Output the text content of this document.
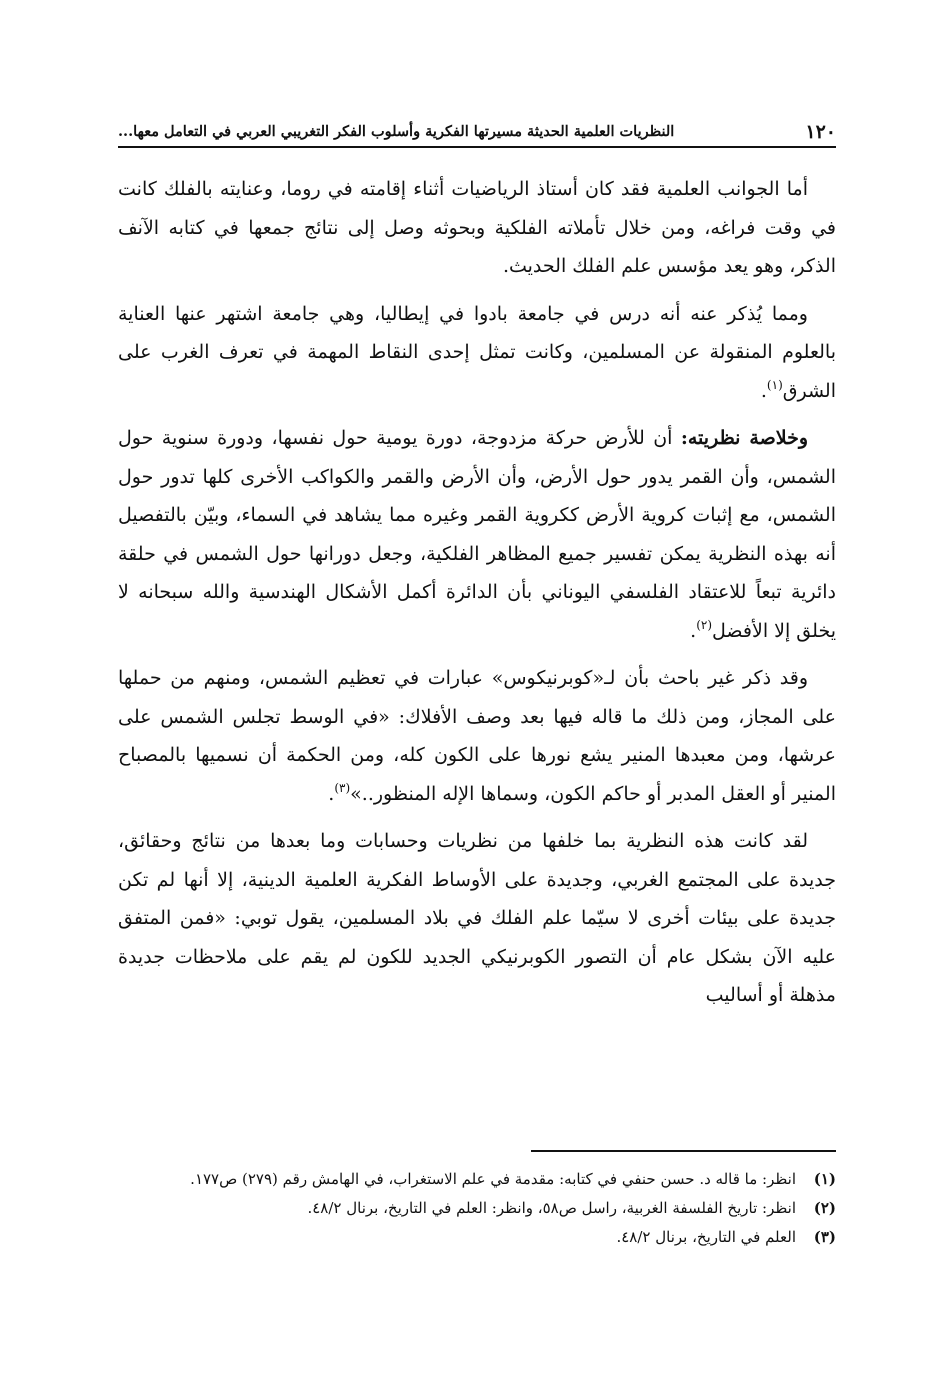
١٢٠
النظريات العلمية الحديثة مسيرتها الفكرية وأسلوب الفكر التغريبي العربي في التعامل معها...

أما الجوانب العلمية فقد كان أستاذ الرياضيات أثناء إقامته في روما، وعنايته بالفلك كانت في وقت فراغه، ومن خلال تأملاته الفلكية وبحوثه وصل إلى نتائج جمعها في كتابه الآنف الذكر، وهو يعد مؤسس علم الفلك الحديث.

ومما يُذكر عنه أنه درس في جامعة بادوا في إيطاليا، وهي جامعة اشتهر عنها العناية بالعلوم المنقولة عن المسلمين، وكانت تمثل إحدى النقاط المهمة في تعرف الغرب على الشرق$^{(١)}$.

وخلاصة نظريته: أن للأرض حركة مزدوجة، دورة يومية حول نفسها، ودورة سنوية حول الشمس، وأن القمر يدور حول الأرض، وأن الأرض والقمر والكواكب الأخرى كلها تدور حول الشمس، مع إثبات كروية الأرض ككروية القمر وغيره مما يشاهد في السماء، وبيّن بالتفصيل أنه بهذه النظرية يمكن تفسير جميع المظاهر الفلكية، وجعل دورانها حول الشمس في حلقة دائرية تبعاً للاعتقاد الفلسفي اليوناني بأن الدائرة أكمل الأشكال الهندسية والله سبحانه لا يخلق إلا الأفضل$^{(٢)}$.

وقد ذكر غير باحث بأن لـ«كوبرنيكوس» عبارات في تعظيم الشمس، ومنهم من حملها على المجاز، ومن ذلك ما قاله فيها بعد وصف الأفلاك: «في الوسط تجلس الشمس على عرشها، ومن معبدها المنير يشع نورها على الكون كله، ومن الحكمة أن نسميها بالمصباح المنير أو العقل المدبر أو حاكم الكون، وسماها الإله المنظور..»$^{(٣)}$.

لقد كانت هذه النظرية بما خلفها من نظريات وحسابات وما بعدها من نتائج وحقائق، جديدة على المجتمع الغربي، وجديدة على الأوساط الفكرية العلمية الدينية، إلا أنها لم تكن جديدة على بيئات أخرى لا سيّما علم الفلك في بلاد المسلمين، يقول توبي: «فمن المتفق عليه الآن بشكل عام أن التصور الكوبرنيكي الجديد للكون لم يقم على ملاحظات جديدة مذهلة أو أساليب

(١)
انظر: ما قاله د. حسن حنفي في كتابه: مقدمة في علم الاستغراب، في الهامش رقم (٢٧٩) ص١٧٧.
(٢)
انظر: تاريخ الفلسفة الغربية، راسل ص٥٨، وانظر: العلم في التاريخ، برنال ٤٨/٢.
(٣)
العلم في التاريخ، برنال ٤٨/٢.
